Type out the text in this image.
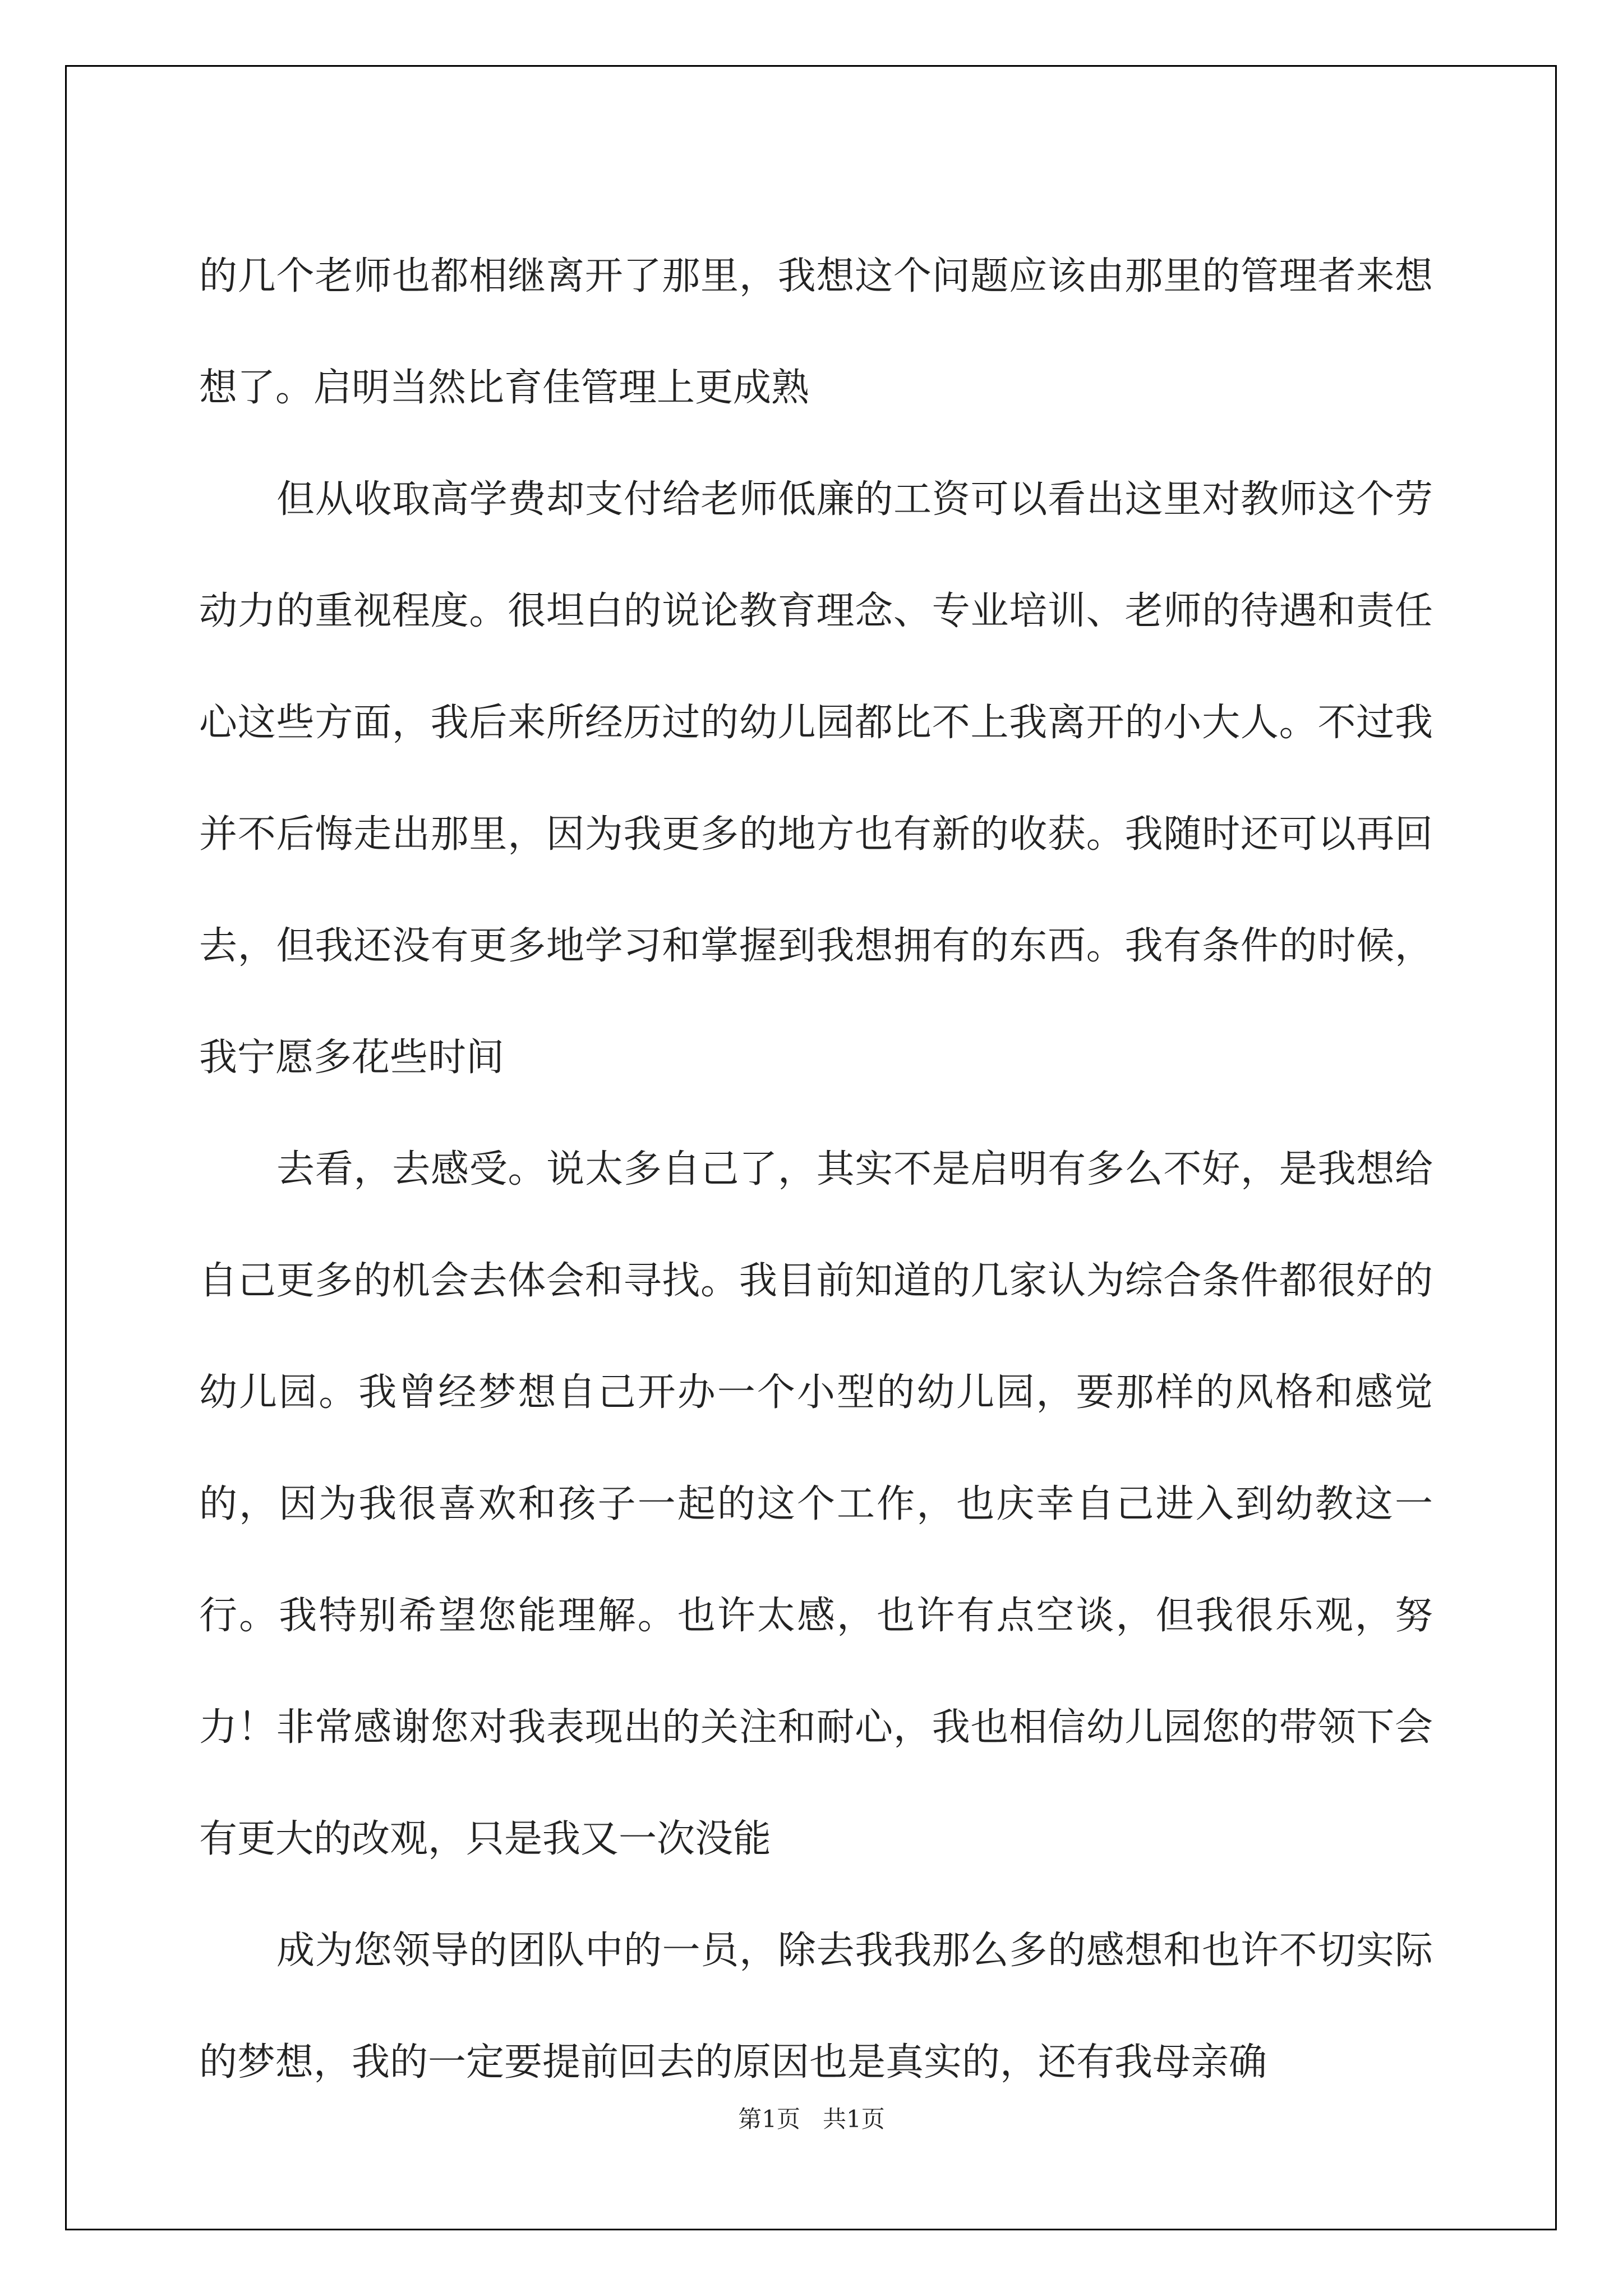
的几个老师也都相继离开了那里，我想这个问题应该由那里的管理者来想想了。启明当然比育佳管理上更成熟

但从收取高学费却支付给老师低廉的工资可以看出这里对教师这个劳动力的重视程度。很坦白的说论教育理念、专业培训、老师的待遇和责任心这些方面，我后来所经历过的幼儿园都比不上我离开的小大人。不过我并不后悔走出那里，因为我更多的地方也有新的收获。我随时还可以再回去，但我还没有更多地学习和掌握到我想拥有的东西。我有条件的时候，我宁愿多花些时间

去看，去感受。说太多自己了，其实不是启明有多么不好，是我想给自己更多的机会去体会和寻找。我目前知道的几家认为综合条件都很好的幼儿园。我曾经梦想自己开办一个小型的幼儿园，要那样的风格和感觉的，因为我很喜欢和孩子一起的这个工作，也庆幸自己进入到幼教这一行。我特别希望您能理解。也许太感，也许有点空谈，但我很乐观，努力！非常感谢您对我表现出的关注和耐心，我也相信幼儿园您的带领下会有更大的改观，只是我又一次没能

成为您领导的团队中的一员，除去我我那么多的感想和也许不切实际的梦想，我的一定要提前回去的原因也是真实的，还有我母亲确

第1页   共1页
